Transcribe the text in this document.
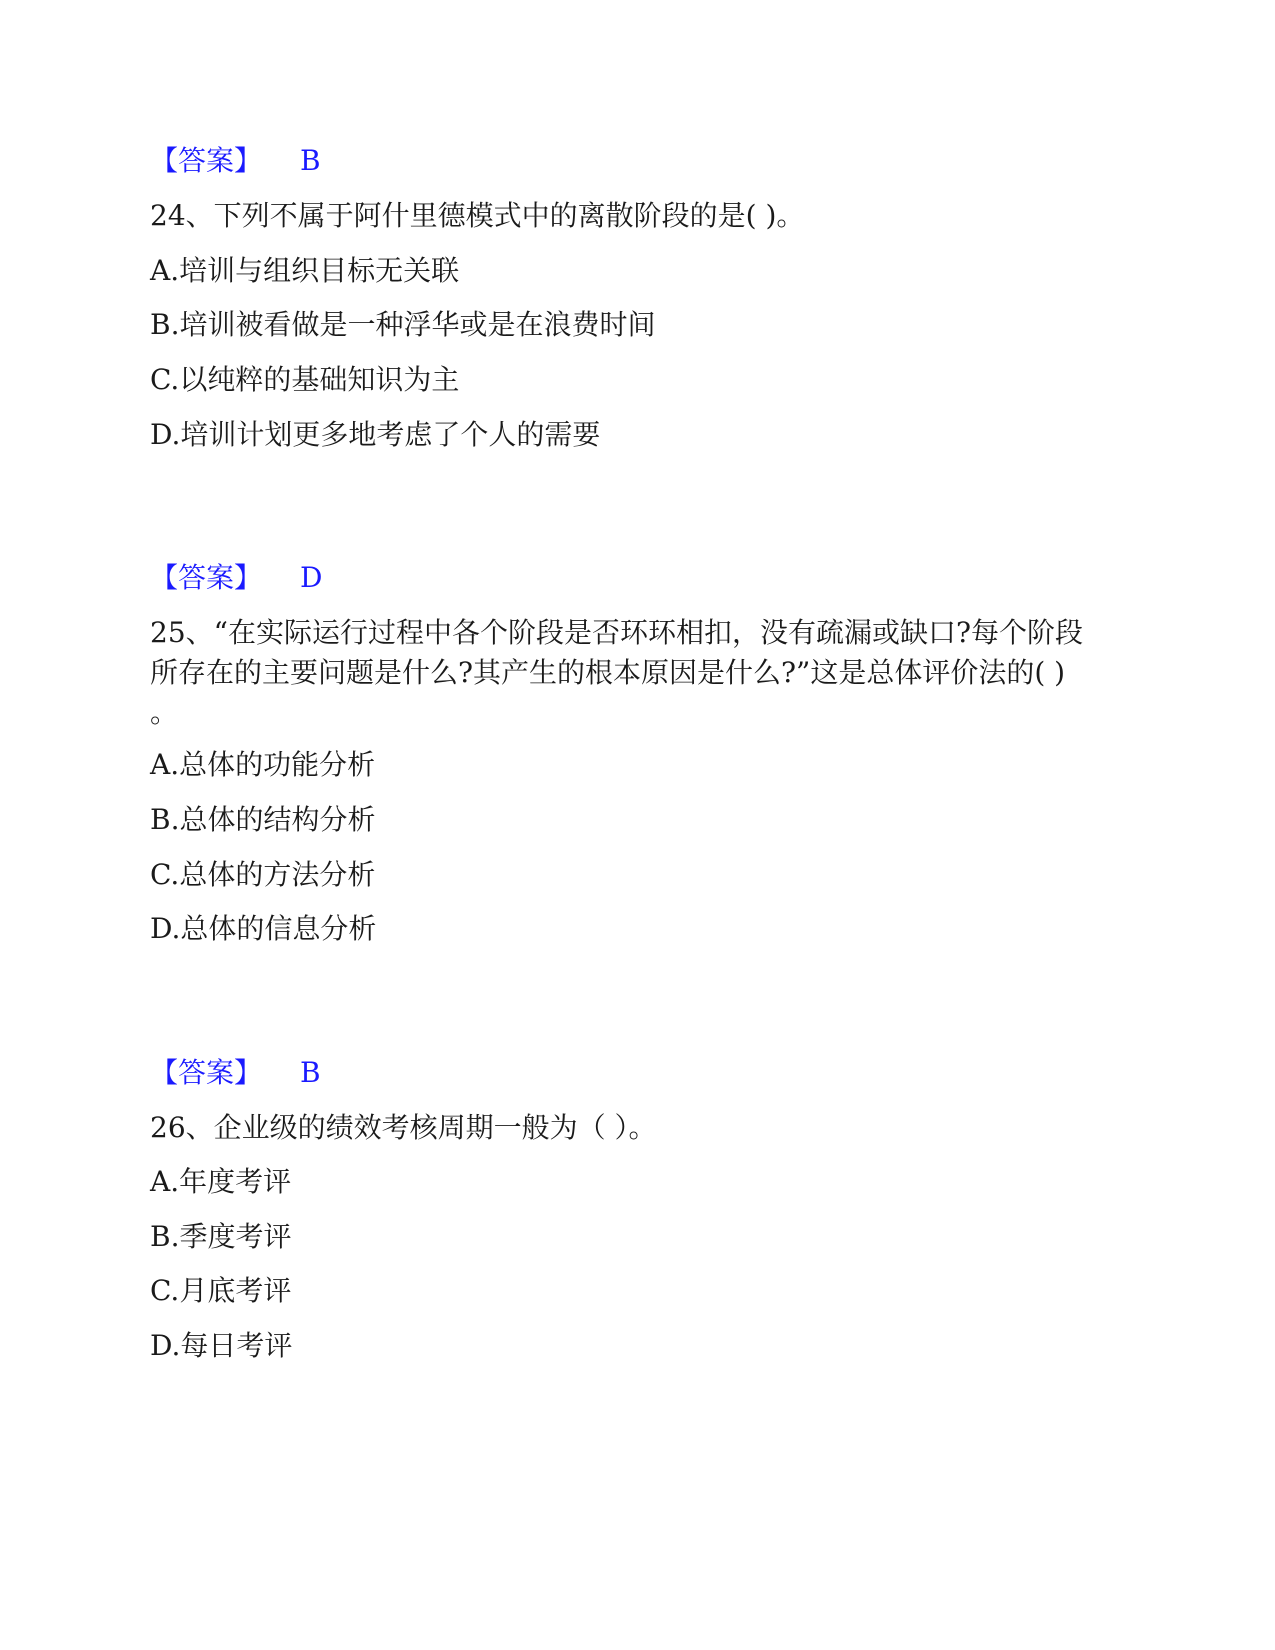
【答案】 B
24、下列不属于阿什里德模式中的离散阶段的是( )。
A.培训与组织目标无关联
B.培训被看做是一种浮华或是在浪费时间
C.以纯粹的基础知识为主
D.培训计划更多地考虑了个人的需要
【答案】 D
25、“在实际运行过程中各个阶段是否环环相扣，没有疏漏或缺口?每个阶段
所存在的主要问题是什么?其产生的根本原因是什么?”这是总体评价法的( )
。
A.总体的功能分析
B.总体的结构分析
C.总体的方法分析
D.总体的信息分析
【答案】 B
26、企业级的绩效考核周期一般为（ ）。
A.年度考评
B.季度考评
C.月底考评
D.每日考评
